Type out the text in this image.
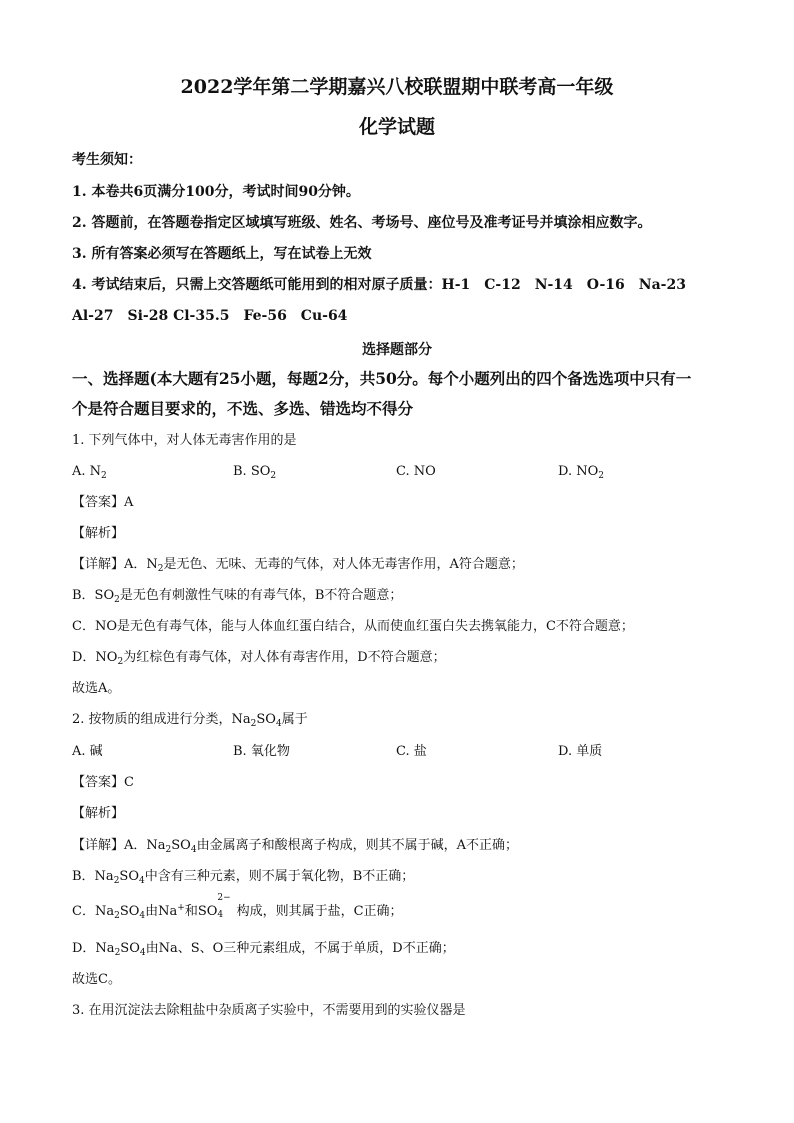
2022学年第二学期嘉兴八校联盟期中联考高一年级
化学试题
考生须知：
1. 本卷共6页满分100分，考试时间90分钟。
2. 答题前，在答题卷指定区域填写班级、姓名、考场号、座位号及准考证号并填涂相应数字。
3. 所有答案必须写在答题纸上，写在试卷上无效
4. 考试结束后，只需上交答题纸可能用到的相对原子质量：H-1　C-12　N-14　O-16　Na-23
Al-27　Si-28 Cl-35.5　Fe-56　Cu-64
选择题部分
一、选择题(本大题有25小题，每题2分，共50分。每个小题列出的四个备选选项中只有一
个是符合题目要求的，不选、多选、错选均不得分
1. 下列气体中，对人体无毒害作用的是
A. $N_2$	B. $SO_2$	C. NO	D. $NO_2$
【答案】A
【解析】
【详解】A．$N_2$是无色、无味、无毒的气体，对人体无毒害作用，A符合题意；
B．$SO_2$是无色有刺激性气味的有毒气体，B不符合题意；
C．NO是无色有毒气体，能与人体血红蛋白结合，从而使血红蛋白失去携氧能力，C不符合题意；
D．$NO_2$为红棕色有毒气体，对人体有毒害作用，D不符合题意；
故选A。
2. 按物质的组成进行分类，$Na_2SO_4$属于
A. 碱	B. 氧化物	C. 盐	D. 单质
【答案】C
【解析】
【详解】A．$Na_2SO_4$由金属离子和酸根离子构成，则其不属于碱，A不正确；
B．$Na_2SO_4$中含有三种元素，则不属于氧化物，B不正确；
C．$Na_2SO_4$由Na+和SO
2−
4 构成，则其属于盐，C正确；
D．$Na_2SO_4$由Na、S、O三种元素组成，不属于单质，D不正确；
故选C。
3. 在用沉淀法去除粗盐中杂质离子实验中，不需要用到的实验仪器是
